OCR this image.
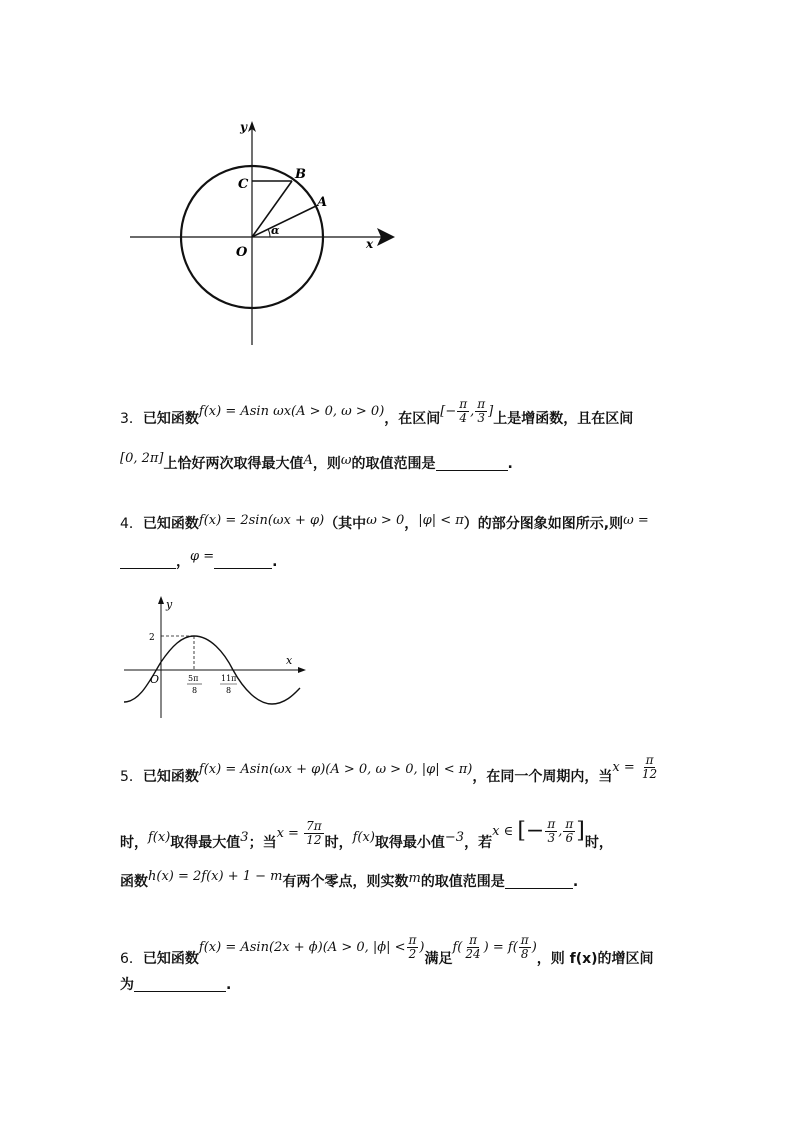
y
x
O
C
B
A
α
3．已知函数f(x) = Asin ωx(A > 0, ω > 0)，在区间[− $\frac{\pi}{4}$ , $\frac{\pi}{3}$ ]上是增函数，且在区间
[0, 2π]上恰好两次取得最大值A，则ω的取值范围是	.
4．已知函数f(x) = 2sin(ωx + φ)（其中ω > 0，|φ| < π）的部分图象如图所示,则ω =
，φ =	.
y
x
O
2
5π
8
11π
8
5．已知函数f(x) = Asin(ωx + φ)(A > 0, ω > 0, |φ| < π)，在同一个周期内，当$x = \frac{\pi}{12}$
时，f(x)取得最大值3；当$x = \frac{7\pi}{12}$ 时，f(x)取得最小值−3，若x ∈ [− $\frac{\pi}{3}$ , $\frac{\pi}{6}$ ]时，
函数h(x) = 2f(x) + 1 − m有两个零点，则实数m的取值范围是	.
6．已知函数f(x) = Asin(2x + ϕ)(A > 0, $|\phi| < \frac{\pi}{2}$ )满足$f( \frac{\pi}{24}$ ) = $f( \frac{\pi}{8}$ )，则 f(x)的增区间
为	.
